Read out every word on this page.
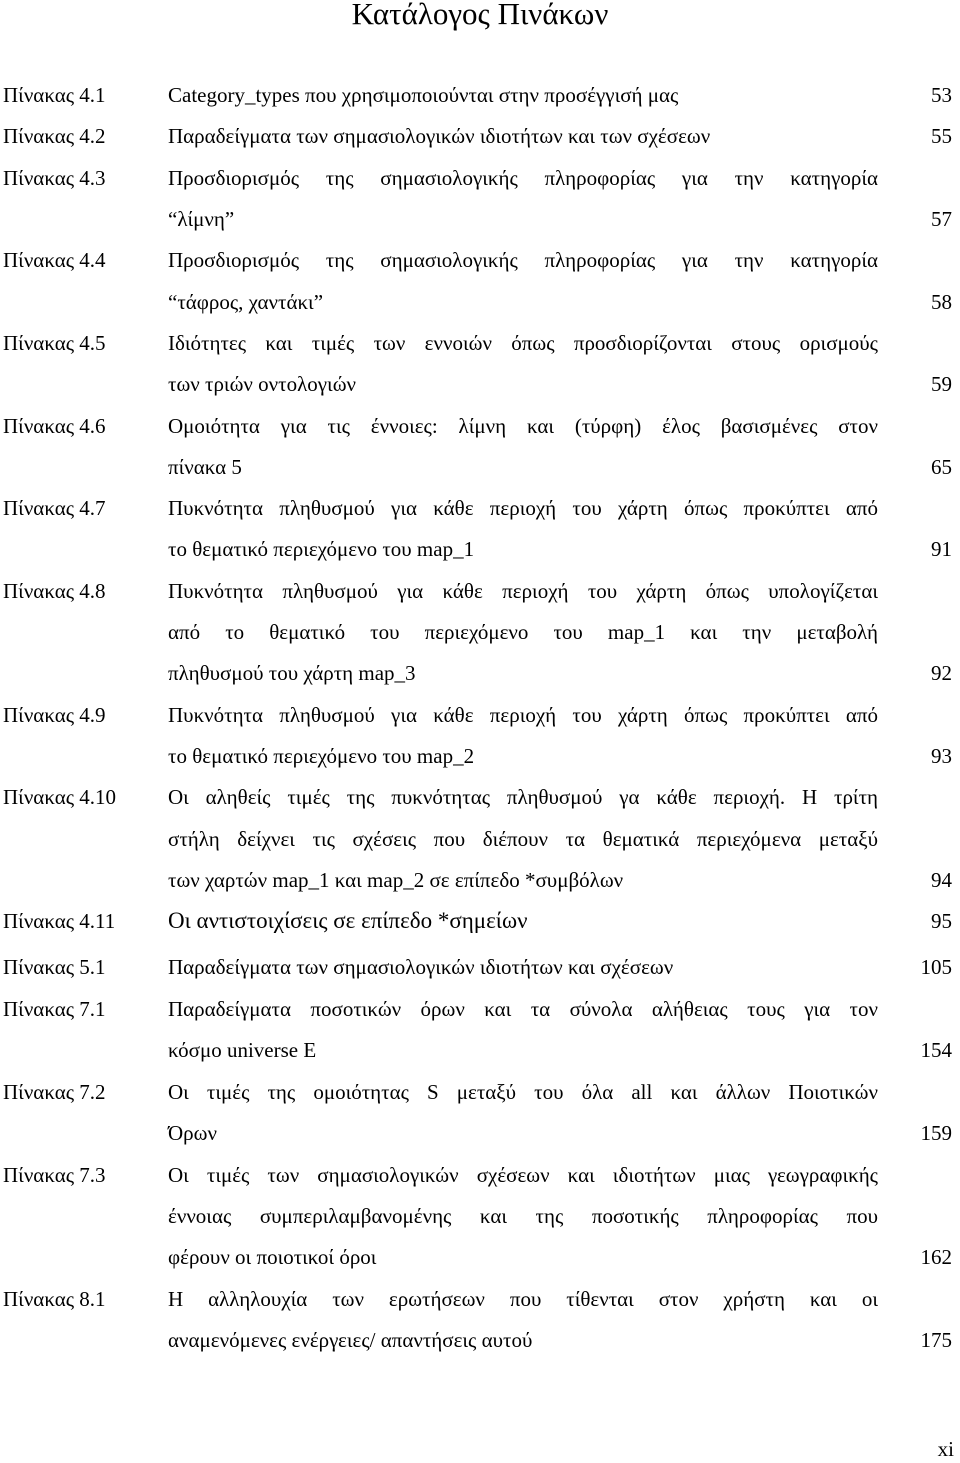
Κατάλογος Πινάκων
Πίνακας 4.1	Category_types που χρησιμοποιούνται στην προσέγγισή μας	53
Πίνακας 4.2	Παραδείγματα των σημασιολογικών ιδιοτήτων και των σχέσεων	55
Πίνακας 4.3	Προσδιορισμός της σημασιολογικής πληροφορίας για την κατηγορία
“λίμνη”	57
Πίνακας 4.4	Προσδιορισμός της σημασιολογικής πληροφορίας για την κατηγορία
“τάφρος, χαντάκι”	58
Πίνακας 4.5	Ιδιότητες και τιμές των εννοιών όπως προσδιορίζονται στους ορισμούς
των τριών οντολογιών	59
Πίνακας 4.6	Ομοιότητα για τις έννοιες: λίμνη και (τύρφη) έλος βασισμένες στον
πίνακα 5	65
Πίνακας 4.7	Πυκνότητα πληθυσμού για κάθε περιοχή του χάρτη όπως προκύπτει από
το θεματικό περιεχόμενο του map_1	91
Πίνακας 4.8	Πυκνότητα πληθυσμού για κάθε περιοχή του χάρτη όπως υπολογίζεται
από το θεματικό του περιεχόμενο του map_1 και την μεταβολή
πληθυσμού του χάρτη map_3	92
Πίνακας 4.9	Πυκνότητα πληθυσμού για κάθε περιοχή του χάρτη όπως προκύπτει από
το θεματικό περιεχόμενο του map_2	93
Πίνακας 4.10 Οι αληθείς τιμές της πυκνότητας πληθυσμού γα κάθε περιοχή. Η τρίτη
στήλη δείχνει τις σχέσεις που διέπουν τα θεματικά περιεχόμενα μεταξύ
των χαρτών map_1 και map_2 σε επίπεδο *συμβόλων	94
Πίνακας 4.11 Οι αντιστοιχίσεις σε επίπεδο *σημείων	95
Πίνακας 5.1	Παραδείγματα των σημασιολογικών ιδιοτήτων και σχέσεων	105
Πίνακας 7.1	Παραδείγματα ποσοτικών όρων και τα σύνολα αλήθειας τους για τον
κόσμο universe E	154
Πίνακας 7.2	Οι τιμές της ομοιότητας S μεταξύ του όλα all και άλλων Ποιοτικών
Όρων	159
Πίνακας 7.3	Οι τιμές των σημασιολογικών σχέσεων και ιδιοτήτων μιας γεωγραφικής
έννοιας συμπεριλαμβανομένης και της ποσοτικής πληροφορίας που
φέρουν οι ποιοτικοί όροι	162
Πίνακας 8.1	Η αλληλουχία των ερωτήσεων που τίθενται στον χρήστη και οι
αναμενόμενες ενέργειες/ απαντήσεις αυτού	175
xi
